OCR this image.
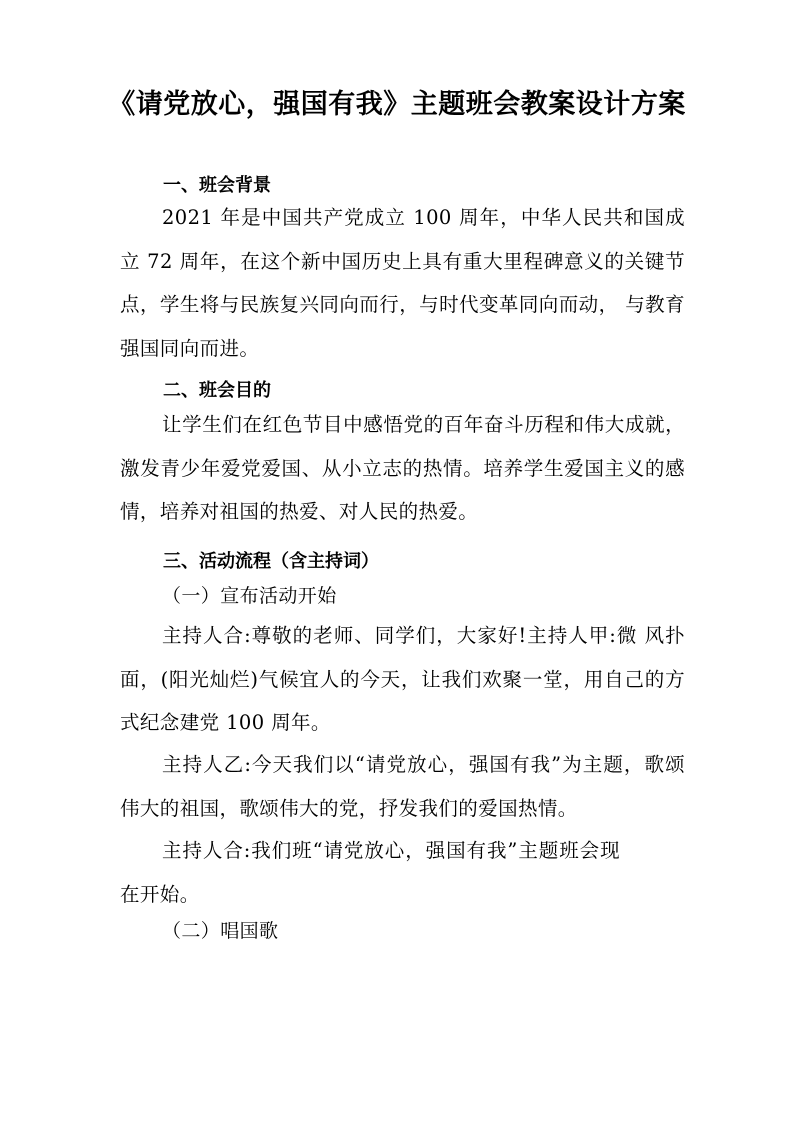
《请党放心，强国有我》主题班会教案设计方案
一、班会背景
2021 年是中国共产党成立 100 周年，中华人民共和国成立 72 周年，在这个新中国历史上具有重大里程碑意义的关键节点，学生将与民族复兴同向而行，与时代变革同向而动， 与教育强国同向而进。
二、班会目的
让学生们在红色节目中感悟党的百年奋斗历程和伟大成就，激发青少年爱党爱国、从小立志的热情。培养学生爱国主义的感情，培养对祖国的热爱、对人民的热爱。
三、活动流程（含主持词）
（一）宣布活动开始
主持人合:尊敬的老师、同学们，大家好!主持人甲:微 风扑面，(阳光灿烂)气候宜人的今天，让我们欢聚一堂，用自己的方式纪念建党 100 周年。
主持人乙:今天我们以“请党放心，强国有我”为主题，歌颂伟大的祖国，歌颂伟大的党，抒发我们的爱国热情。
主持人合:我们班“请党放心，强国有我”主题班会现在开始。
（二）唱国歌
